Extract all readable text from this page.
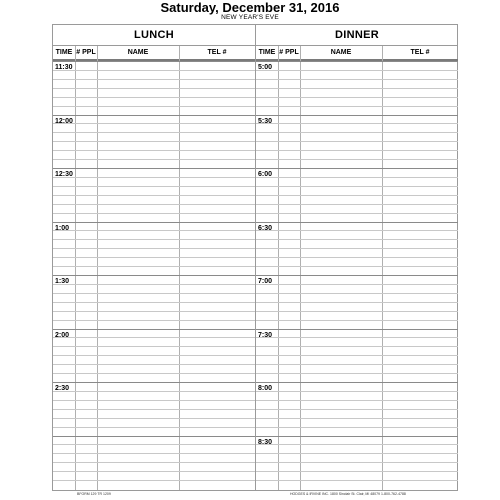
Saturday, December 31, 2016
NEW YEAR'S EVE
LUNCH
TIME # PPL	NAME	TEL #
11:30
12:00
12:30
1:00
1:30
2:00
2:30
DINNER
TIME # PPL	NAME	TEL #
5:00
5:30
6:00
6:30
7:00
7:30
8:00
8:30
BFORM 129 TR 1209	HODGES & IRVINE INC. 1800 Sinclair St. Clair, MI 48079 1-800-762-4788
